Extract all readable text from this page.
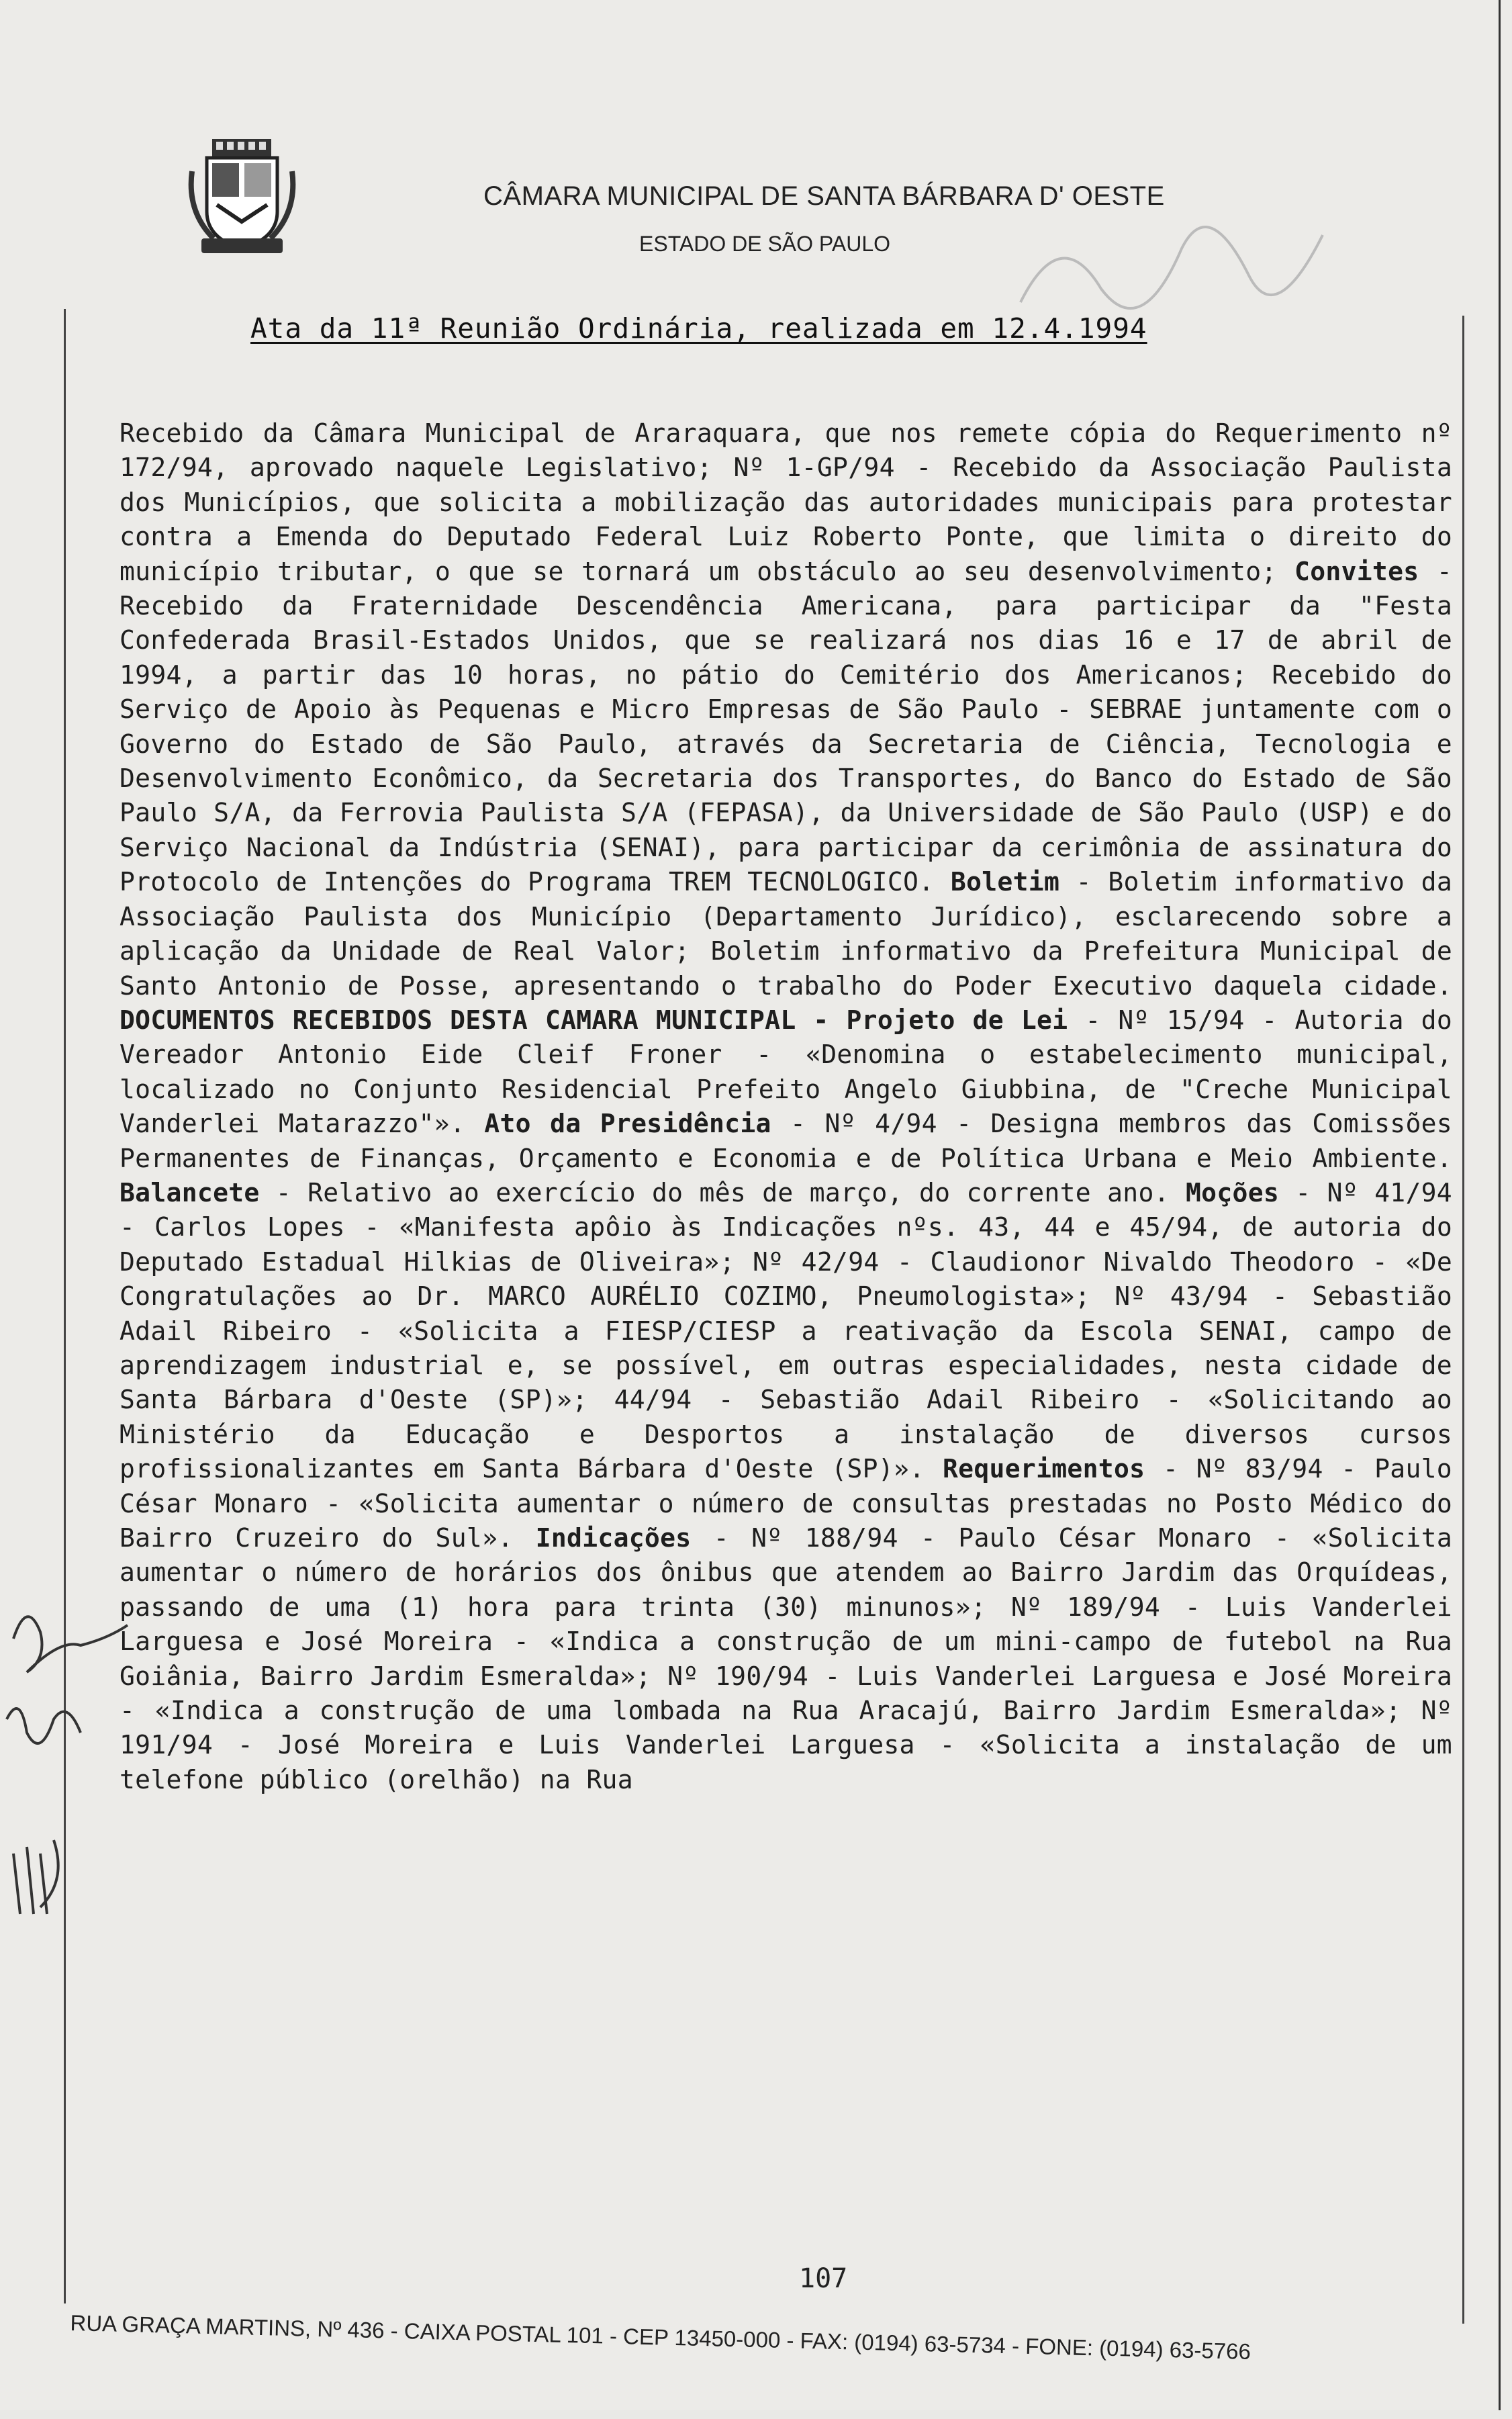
CÂMARA MUNICIPAL DE SANTA BÁRBARA D' OESTE
ESTADO DE SÃO PAULO
Ata da 11ª Reunião Ordinária, realizada em 12.4.1994
Recebido da Câmara Municipal de Araraquara, que nos remete cópia do Requerimento nº 172/94, aprovado naquele Legislativo; Nº 1-GP/94 - Recebido da Associação Paulista dos Municípios, que solicita a mobilização das autoridades municipais para protestar contra a Emenda do Deputado Federal Luiz Roberto Ponte, que limita o direito do município tributar, o que se tornará um obstáculo ao seu desenvolvimento; Convites - Recebido da Fraternidade Descendência Americana, para participar da "Festa Confederada Brasil-Estados Unidos, que se realizará nos dias 16 e 17 de abril de 1994, a partir das 10 horas, no pátio do Cemitério dos Americanos; Recebido do Serviço de Apoio às Pequenas e Micro Empresas de São Paulo - SEBRAE juntamente com o Governo do Estado de São Paulo, através da Secretaria de Ciência, Tecnologia e Desenvolvimento Econômico, da Secretaria dos Transportes, do Banco do Estado de São Paulo S/A, da Ferrovia Paulista S/A (FEPASA), da Universidade de São Paulo (USP) e do Serviço Nacional da Indústria (SENAI), para participar da cerimônia de assinatura do Protocolo de Intenções do Programa TREM TECNOLOGICO. Boletim - Boletim informativo da Associação Paulista dos Município (Departamento Jurídico), esclarecendo sobre a aplicação da Unidade de Real Valor; Boletim informativo da Prefeitura Municipal de Santo Antonio de Posse, apresentando o trabalho do Poder Executivo daquela cidade. DOCUMENTOS RECEBIDOS DESTA CAMARA MUNICIPAL - Projeto de Lei - Nº 15/94 - Autoria do Vereador Antonio Eide Cleif Froner - «Denomina o estabelecimento municipal, localizado no Conjunto Residencial Prefeito Angelo Giubbina, de "Creche Municipal Vanderlei Matarazzo"». Ato da Presidência - Nº 4/94 - Designa membros das Comissões Permanentes de Finanças, Orçamento e Economia e de Política Urbana e Meio Ambiente. Balancete - Relativo ao exercício do mês de março, do corrente ano. Moções - Nº 41/94 - Carlos Lopes - «Manifesta apôio às Indicações nºs. 43, 44 e 45/94, de autoria do Deputado Estadual Hilkias de Oliveira»; Nº 42/94 - Claudionor Nivaldo Theodoro - «De Congratulações ao Dr. MARCO AURÉLIO COZIMO, Pneumologista»; Nº 43/94 - Sebastião Adail Ribeiro - «Solicita a FIESP/CIESP a reativação da Escola SENAI, campo de aprendizagem industrial e, se possível, em outras especialidades, nesta cidade de Santa Bárbara d'Oeste (SP)»; 44/94 - Sebastião Adail Ribeiro - «Solicitando ao Ministério da Educação e Desportos a instalação de diversos cursos profissionalizantes em Santa Bárbara d'Oeste (SP)». Requerimentos - Nº 83/94 - Paulo César Monaro - «Solicita aumentar o número de consultas prestadas no Posto Médico do Bairro Cruzeiro do Sul». Indicações - Nº 188/94 - Paulo César Monaro - «Solicita aumentar o número de horários dos ônibus que atendem ao Bairro Jardim das Orquídeas, passando de uma (1) hora para trinta (30) minunos»; Nº 189/94 - Luis Vanderlei Larguesa e José Moreira - «Indica a construção de um mini-campo de futebol na Rua Goiânia, Bairro Jardim Esmeralda»; Nº 190/94 - Luis Vanderlei Larguesa e José Moreira - «Indica a construção de uma lombada na Rua Aracajú, Bairro Jardim Esmeralda»; Nº 191/94 - José Moreira e Luis Vanderlei Larguesa - «Solicita a instalação de um telefone público (orelhão) na Rua
107
RUA GRAÇA MARTINS, Nº 436 - CAIXA POSTAL 101 - CEP 13450-000 - FAX: (0194) 63-5734 - FONE: (0194) 63-5766
